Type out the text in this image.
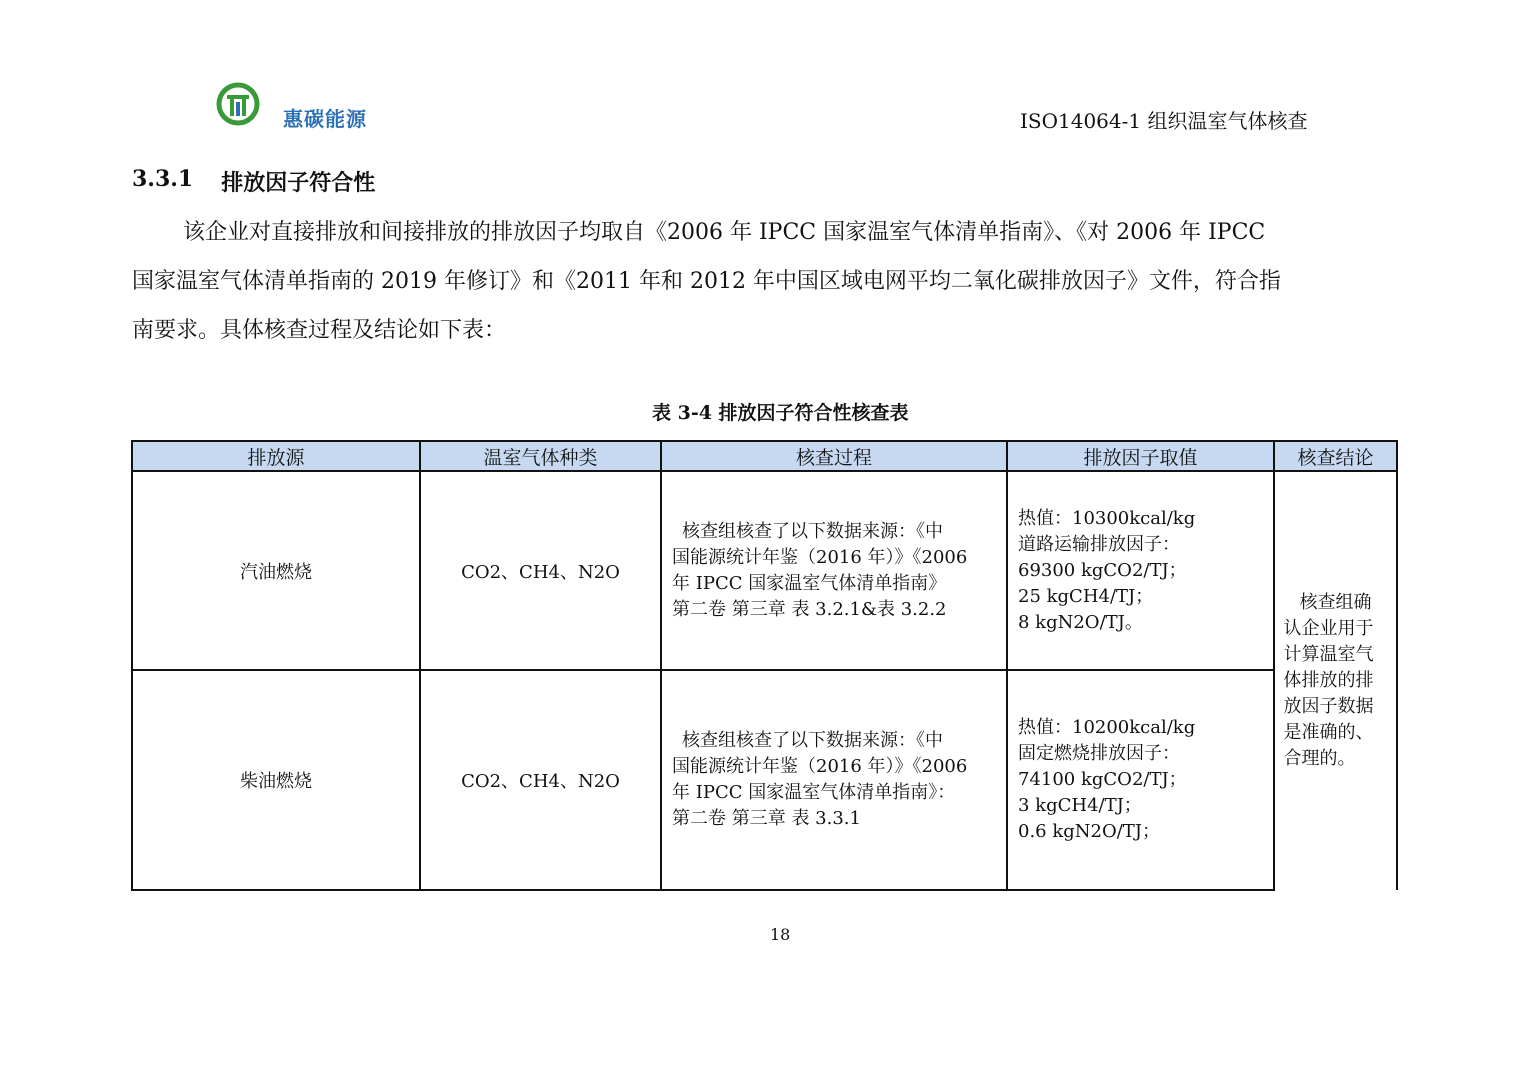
惠碳能源	ISO14064-1 组织温室气体核查
3.3.1 排放因子符合性
该企业对直接排放和间接排放的排放因子均取自《2006 年 IPCC 国家温室气体清单指南》、《对 2006 年 IPCC
国家温室气体清单指南的 2019 年修订》和《2011 年和 2012 年中国区域电网平均二氧化碳排放因子》文件，符合指
南要求。具体核查过程及结论如下表：
表 3-4 排放因子符合性核查表
排放源	温室气体种类	核查过程	排放因子取值	核查结论
汽油燃烧	CO2、CH4、N2O	核查组核查了以下数据来源：《中
国能源统计年鉴（2016 年）》《2006
年 IPCC 国家温室气体清单指南》
第二卷 第三章 表 3.2.1&表 3.2.2	热值：10300kcal/kg
道路运输排放因子：
69300 kgCO2/TJ；
25 kgCH4/TJ；
8 kgN2O/TJ。	核查组确认企业用于计算温室气体排放的排放因子数据是准确的、合理的。

柴油燃烧	CO2、CH4、N2O	核查组核查了以下数据来源：《中
国能源统计年鉴（2016 年）》《2006
年 IPCC 国家温室气体清单指南》：
第二卷 第三章 表 3.3.1	热值：10200kcal/kg
固定燃烧排放因子：
74100 kgCO2/TJ；
3 kgCH4/TJ；
0.6 kgN2O/TJ；	
18
